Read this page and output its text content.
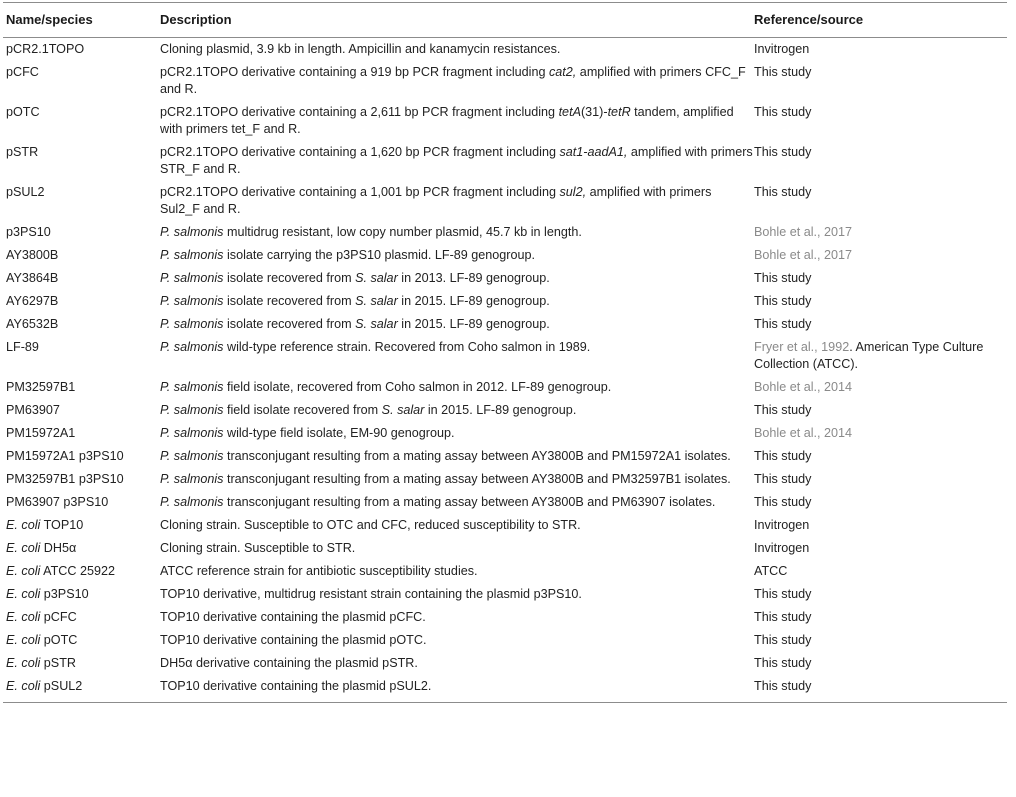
Name/species	Description	Reference/source
pCR2.1TOPO	Cloning plasmid, 3.9 kb in length. Ampicillin and kanamycin resistances.	Invitrogen
pCFC	pCR2.1TOPO derivative containing a 919 bp PCR fragment including cat2, amplified with primers CFC_F and R.	This study
pOTC	pCR2.1TOPO derivative containing a 2,611 bp PCR fragment including tetA(31)-tetR tandem, amplified with primers tet_F and R.	This study
pSTR	pCR2.1TOPO derivative containing a 1,620 bp PCR fragment including sat1-aadA1, amplified with primers STR_F and R.	This study
pSUL2	pCR2.1TOPO derivative containing a 1,001 bp PCR fragment including sul2, amplified with primers Sul2_F and R.	This study
p3PS10	P. salmonis multidrug resistant, low copy number plasmid, 45.7 kb in length.	Bohle et al., 2017
AY3800B	P. salmonis isolate carrying the p3PS10 plasmid. LF-89 genogroup.	Bohle et al., 2017
AY3864B	P. salmonis isolate recovered from S. salar in 2013. LF-89 genogroup.	This study
AY6297B	P. salmonis isolate recovered from S. salar in 2015. LF-89 genogroup.	This study
AY6532B	P. salmonis isolate recovered from S. salar in 2015. LF-89 genogroup.	This study
LF-89	P. salmonis wild-type reference strain. Recovered from Coho salmon in 1989.	Fryer et al., 1992. American Type Culture Collection (ATCC).
PM32597B1	P. salmonis field isolate, recovered from Coho salmon in 2012. LF-89 genogroup.	Bohle et al., 2014
PM63907	P. salmonis field isolate recovered from S. salar in 2015. LF-89 genogroup.	This study
PM15972A1	P. salmonis wild-type field isolate, EM-90 genogroup.	Bohle et al., 2014
PM15972A1 p3PS10	P. salmonis transconjugant resulting from a mating assay between AY3800B and PM15972A1 isolates.	This study
PM32597B1 p3PS10	P. salmonis transconjugant resulting from a mating assay between AY3800B and PM32597B1 isolates.	This study
PM63907 p3PS10	P. salmonis transconjugant resulting from a mating assay between AY3800B and PM63907 isolates.	This study
E. coli TOP10	Cloning strain. Susceptible to OTC and CFC, reduced susceptibility to STR.	Invitrogen
E. coli DH5α	Cloning strain. Susceptible to STR.	Invitrogen
E. coli ATCC 25922	ATCC reference strain for antibiotic susceptibility studies.	ATCC
E. coli p3PS10	TOP10 derivative, multidrug resistant strain containing the plasmid p3PS10.	This study
E. coli pCFC	TOP10 derivative containing the plasmid pCFC.	This study
E. coli pOTC	TOP10 derivative containing the plasmid pOTC.	This study
E. coli pSTR	DH5α derivative containing the plasmid pSTR.	This study
E. coli pSUL2	TOP10 derivative containing the plasmid pSUL2.	This study
